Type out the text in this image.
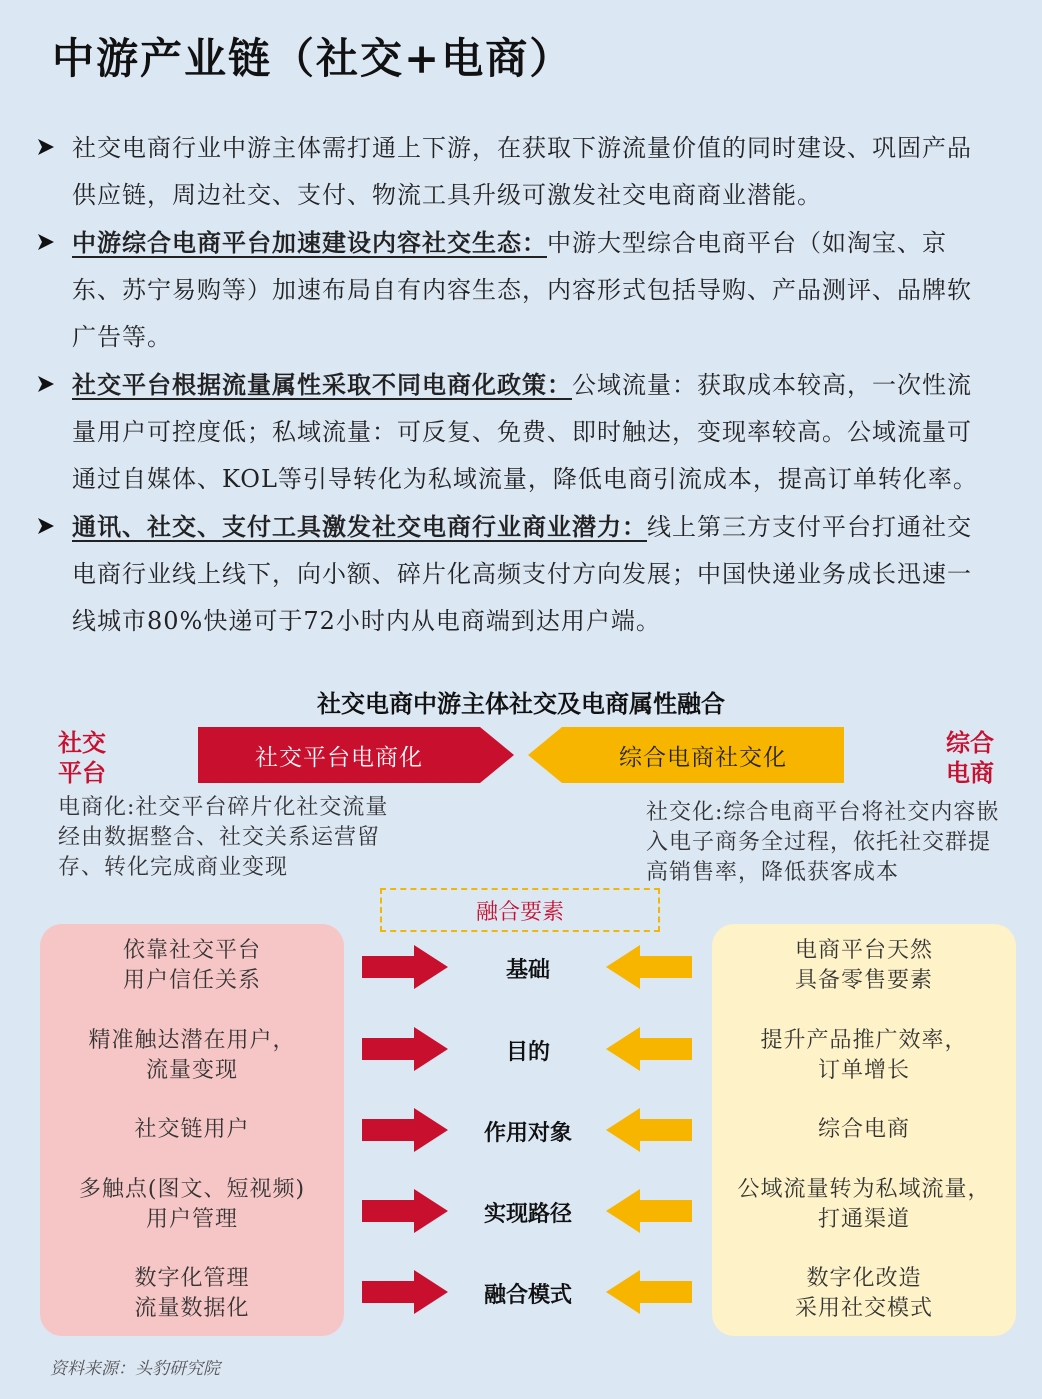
中游产业链（社交+电商）
社交电商行业中游主体需打通上下游，在获取下游流量价值的同时建设、巩固产品供应链，周边社交、支付、物流工具升级可激发社交电商商业潜能。
中游综合电商平台加速建设内容社交生态：中游大型综合电商平台（如淘宝、京东、苏宁易购等）加速布局自有内容生态，内容形式包括导购、产品测评、品牌软广告等。
社交平台根据流量属性采取不同电商化政策：公域流量：获取成本较高，一次性流量用户可控度低；私域流量：可反复、免费、即时触达，变现率较高。公域流量可通过自媒体、KOL等引导转化为私域流量，降低电商引流成本，提高订单转化率。
通讯、社交、支付工具激发社交电商行业商业潜力：线上第三方支付平台打通社交电商行业线上线下，向小额、碎片化高频支付方向发展；中国快递业务成长迅速一线城市80%快递可于72小时内从电商端到达用户端。
社交电商中游主体社交及电商属性融合
社交
平台
综合
电商
社交平台电商化	综合电商社交化
电商化:社交平台碎片化社交流量经由数据整合、社交关系运营留存、转化完成商业变现
社交化:综合电商平台将社交内容嵌入电子商务全过程，依托社交群提高销售率，降低获客成本
融合要素
依靠社交平台
用户信任关系
精准触达潜在用户，
流量变现
社交链用户
多触点(图文、短视频)
用户管理
数字化管理
流量数据化
电商平台天然
具备零售要素
提升产品推广效率，
订单增长
综合电商
公域流量转为私域流量，
打通渠道
数字化改造
采用社交模式
基础
目的
作用对象
实现路径
融合模式
资料来源：头豹研究院
